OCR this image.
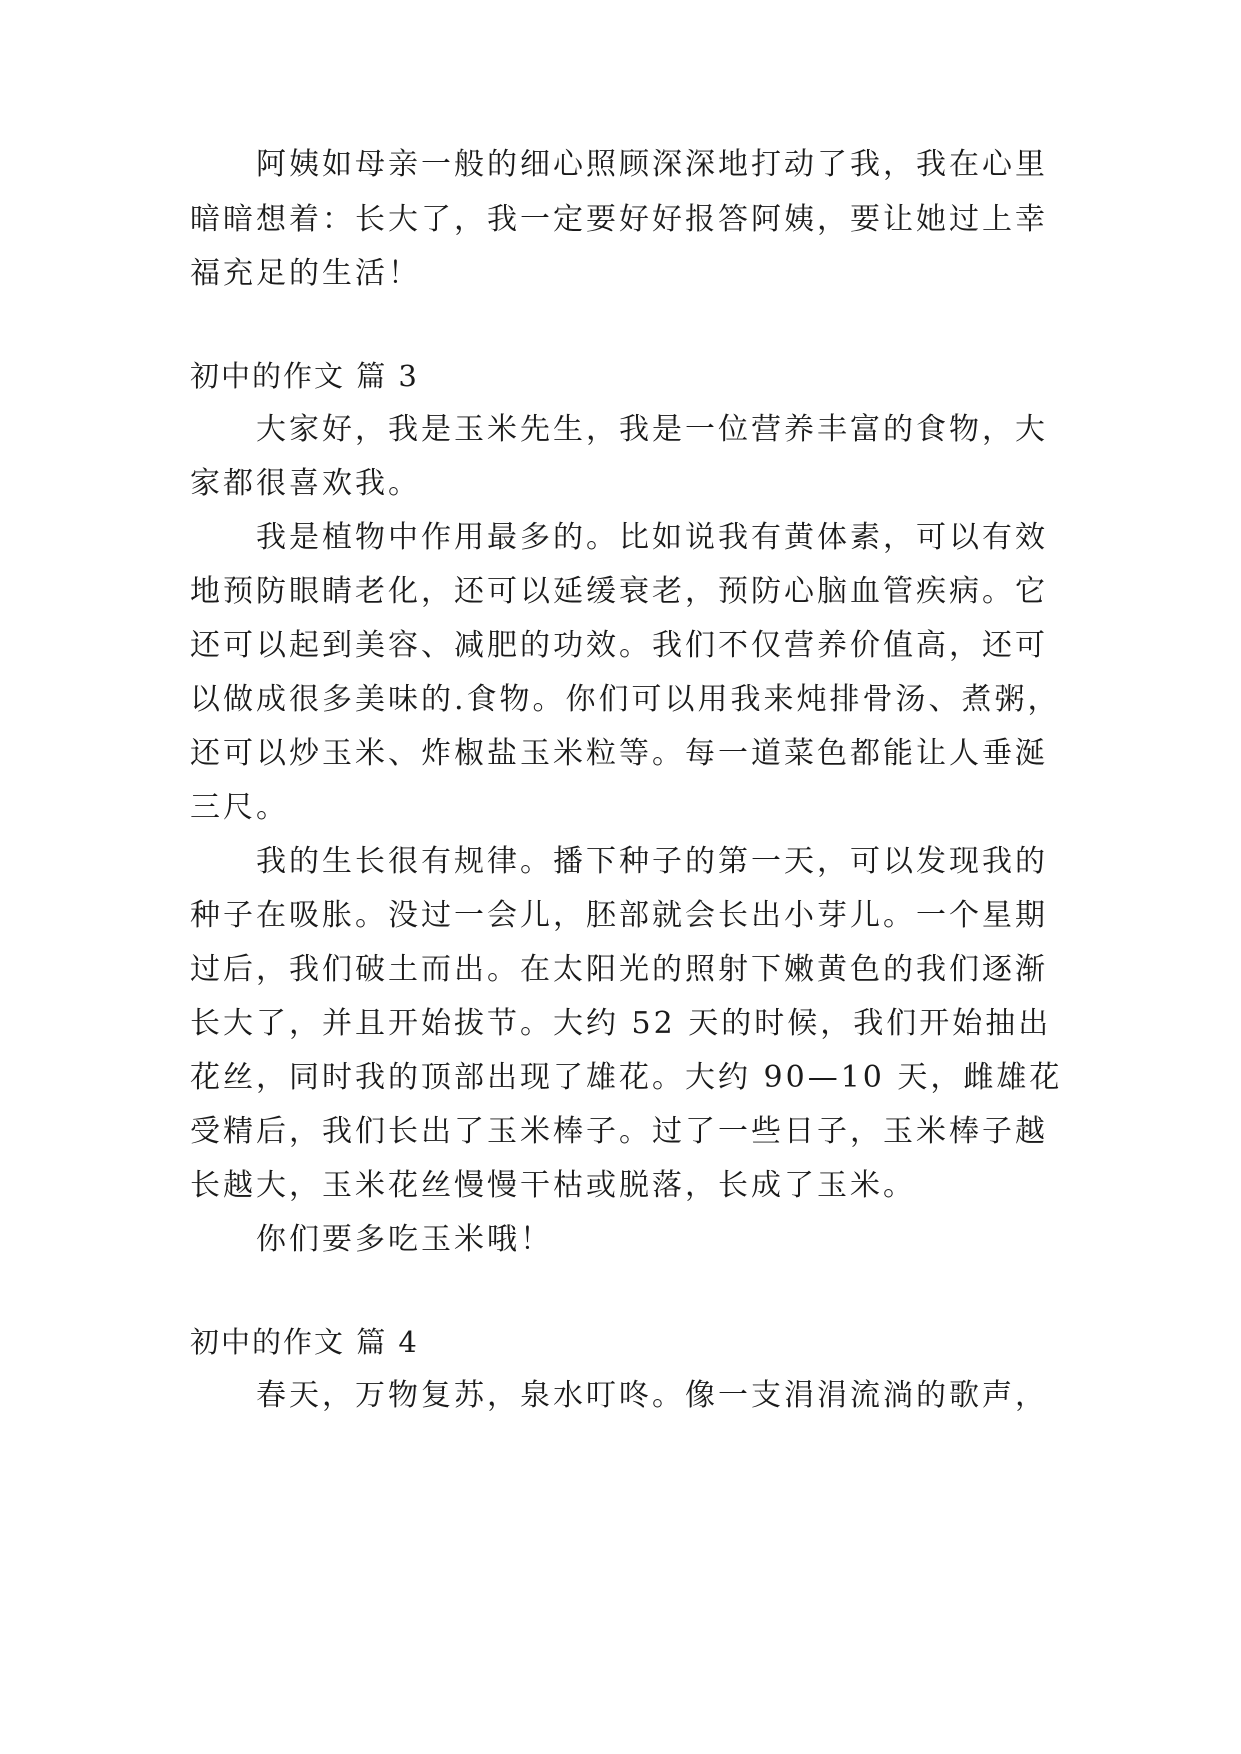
阿姨如母亲一般的细心照顾深深地打动了我，我在心里
暗暗想着：长大了，我一定要好好报答阿姨，要让她过上幸
福充足的生活！
初中的作文 篇 3
大家好，我是玉米先生，我是一位营养丰富的食物，大
家都很喜欢我。
我是植物中作用最多的。比如说我有黄体素，可以有效
地预防眼睛老化，还可以延缓衰老，预防心脑血管疾病。它
还可以起到美容、减肥的功效。我们不仅营养价值高，还可
以做成很多美味的.食物。你们可以用我来炖排骨汤、煮粥，
还可以炒玉米、炸椒盐玉米粒等。每一道菜色都能让人垂涎
三尺。
我的生长很有规律。播下种子的第一天，可以发现我的
种子在吸胀。没过一会儿，胚部就会长出小芽儿。一个星期
过后，我们破土而出。在太阳光的照射下嫩黄色的我们逐渐
长大了，并且开始拔节。大约 52 天的时候，我们开始抽出
花丝，同时我的顶部出现了雄花。大约 90—10 天，雌雄花
受精后，我们长出了玉米棒子。过了一些日子，玉米棒子越
长越大，玉米花丝慢慢干枯或脱落，长成了玉米。
你们要多吃玉米哦！
初中的作文 篇 4
春天，万物复苏，泉水叮咚。像一支涓涓流淌的歌声，
